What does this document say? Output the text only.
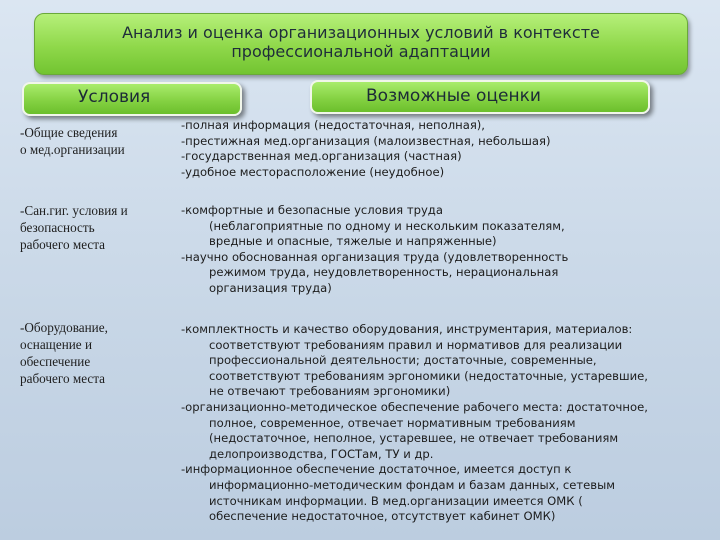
Анализ и оценка организационных условий в контексте
профессиональной адаптации
Условия	Возможные оценки
-Общие сведения
о мед.организации
-полная информация (недостаточная, неполная),
-престижная мед.организация (малоизвестная, небольшая)
-государственная мед.организация (частная)
-удобное месторасположение (неудобное)
-Сан.гиг. условия и
безопасность
рабочего места
-комфортные и безопасные условия труда
(неблагоприятные по одному и нескольким показателям,
вредные и опасные, тяжелые и напряженные)
-научно обоснованная организация труда (удовлетворенность
режимом труда, неудовлетворенность, нерациональная
организация труда)
-Оборудование,
оснащение и
обеспечение
рабочего места
-комплектность и качество оборудования, инструментария, материалов:
соответствуют требованиям правил и нормативов для реализации
профессиональной деятельности; достаточные, современные,
соответствуют требованиям эргономики (недостаточные, устаревшие,
не отвечают требованиям эргономики)
-организационно-методическое обеспечение рабочего места: достаточное,
полное, современное, отвечает нормативным требованиям
(недостаточное, неполное, устаревшее, не отвечает требованиям
делопроизводства, ГОСТам, ТУ и др.
-информационное обеспечение достаточное, имеется доступ к
информационно-методическим фондам и базам данных, сетевым
источникам информации. В мед.организации имеется ОМК (
обеспечение недостаточное, отсутствует кабинет ОМК)
